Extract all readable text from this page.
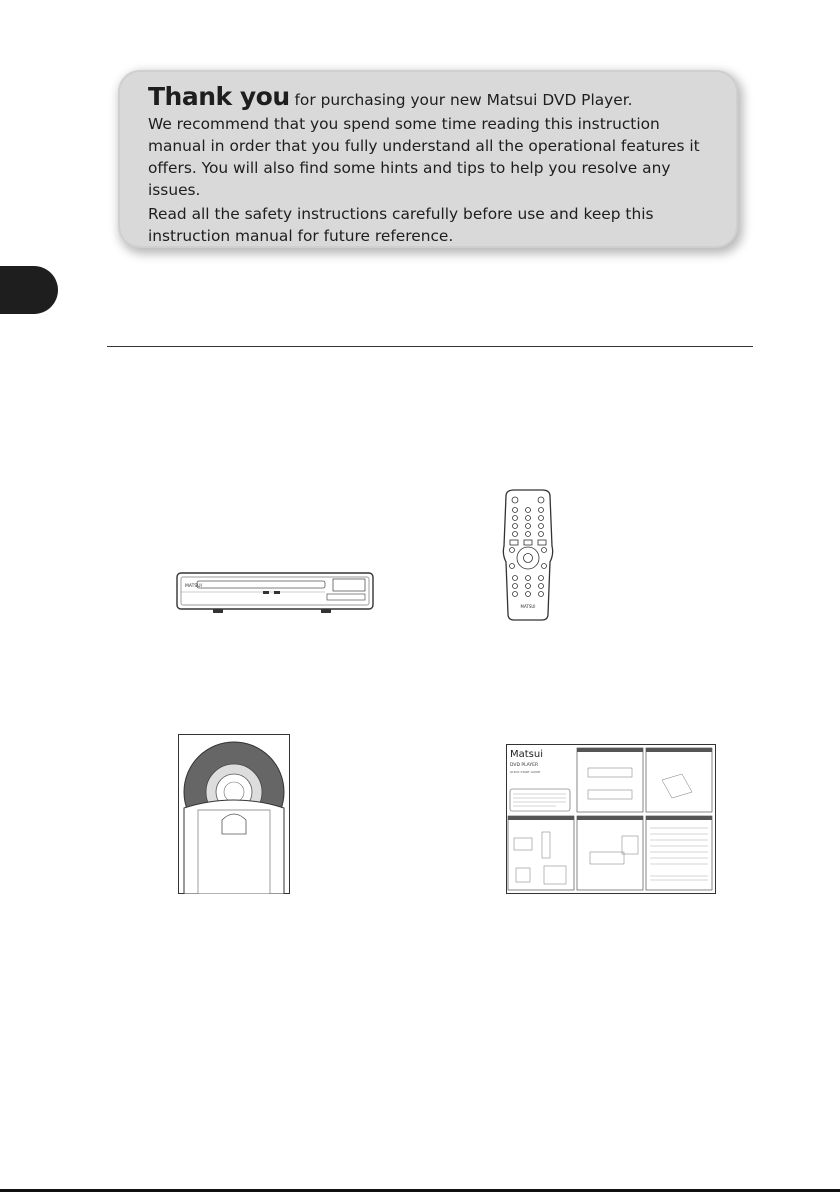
Thank you for purchasing your new Matsui DVD Player.

We recommend that you spend some time reading this instruction manual in order that you fully understand all the operational features it offers. You will also find some hints and tips to help you resolve any issues.

Read all the safety instructions carefully before use and keep this instruction manual for future reference.

MATSUI
MATSUI
Matsui
DVD PLAYER
QUICK START GUIDE
